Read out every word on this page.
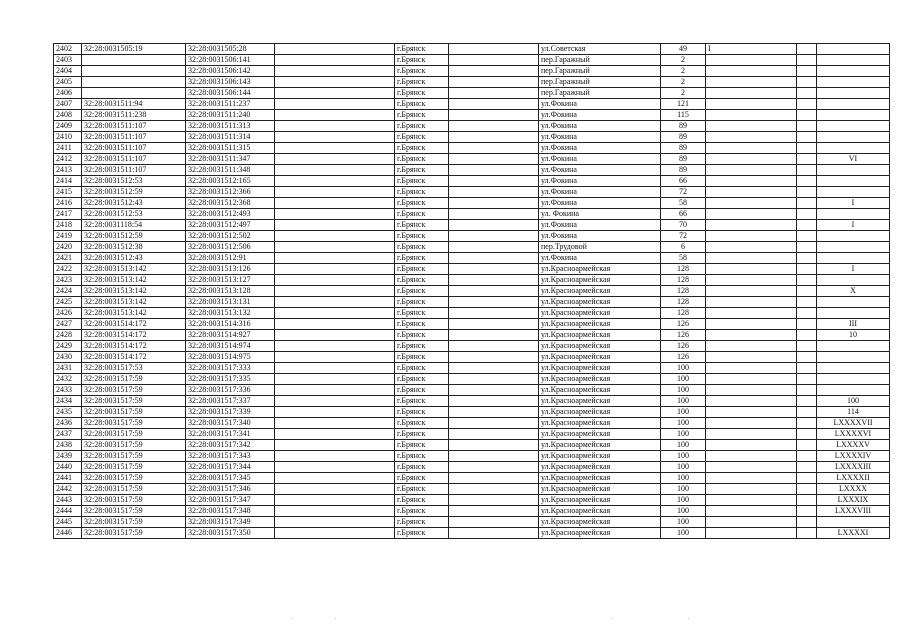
2402	32:28:0031505:19	32:28:0031505:28		г.Брянск		ул.Советская	49	I		
2403		32:28:0031506:141		г.Брянск		пер.Гаражный	2			
2404		32:28:0031506:142		г.Брянск		пер.Гаражный	2			
2405		32:28:0031506:143		г.Брянск		пер.Гаражный	2			
2406		32:28:0031506:144		г.Брянск		пер.Гаражный	2			
2407	32:28:0031511:94	32:28:0031511:237		г.Брянск		ул.Фокина	121			
2408	32:28:0031511:238	32:28:0031511:240		г.Брянск		ул.Фокина	115			
2409	32:28:0031511:107	32:28:0031511:313		г.Брянск		ул.Фокина	89			
2410	32:28:0031511:107	32:28:0031511:314		г.Брянск		ул.Фокина	89			
2411	32:28:0031511:107	32:28:0031511:315		г.Брянск		ул.Фокина	89			
2412	32:28:0031511:107	32:28:0031511:347		г.Брянск		ул.Фокина	89			VI
2413	32:28:0031511:107	32:28:0031511:348		г.Брянск		ул.Фокина	89			
2414	32:28:0031512:53	32:28:0031512:165		г.Брянск		ул.Фокина	66			
2415	32:28:0031512:59	32:28:0031512:366		г.Брянск		ул.Фокина	72			
2416	32:28:0031512:43	32:28:0031512:368		г.Брянск		ул.Фокина	58			I
2417	32:28:0031512:53	32:28:0031512:493		г.Брянск		ул. Фокина	66			
2418	32:28:0031118:54	32:28:0031512:497		г.Брянск		ул.Фокина	70			I
2419	32:28:0031512:59	32:28:0031512:502		г.Брянск		ул.Фокина	72			
2420	32:28:0031512:38	32:28:0031512:506		г.Брянск		пер.Трудовой	6			
2421	32:28:0031512:43	32:28:0031512:91		г.Брянск		ул.Фокина	58			
2422	32:28:0031513:142	32:28:0031513:126		г.Брянск		ул.Красноармейская	128			I
2423	32:28:0031513:142	32:28:0031513:127		г.Брянск		ул.Красноармейская	128			
2424	32:28:0031513:142	32:28:0031513:128		г.Брянск		ул.Красноармейская	128			X
2425	32:28:0031513:142	32:28:0031513:131		г.Брянск		ул.Красноармейская	128			
2426	32:28:0031513:142	32:28:0031513:132		г.Брянск		ул.Красноармейская	128			
2427	32:28:0031514:172	32:28:0031514:316		г.Брянск		ул.Красноармейская	126			III
2428	32:28:0031514:172	32:28:0031514:927		г.Брянск		ул.Красноармейская	126			10
2429	32:28:0031514:172	32:28:0031514:974		г.Брянск		ул.Красноармейская	126			
2430	32:28:0031514:172	32:28:0031514:975		г.Брянск		ул.Красноармейская	126			
2431	32:28:0031517:53	32:28:0031517:333		г.Брянск		ул.Красноармейская	100			
2432	32:28:0031517:59	32:28:0031517:335		г.Брянск		ул.Красноармейская	100			
2433	32:28:0031517:59	32:28:0031517:336		г.Брянск		ул.Красноармейская	100			
2434	32:28:0031517:59	32:28:0031517:337		г.Брянск		ул.Красноармейская	100			100
2435	32:28:0031517:59	32:28:0031517:339		г.Брянск		ул.Красноармейская	100			114
2436	32:28:0031517:59	32:28:0031517:340		г.Брянск		ул.Красноармейская	100			LXXXXVII
2437	32:28:0031517:59	32:28:0031517:341		г.Брянск		ул.Красноармейская	100			LXXXXVI
2438	32:28:0031517:59	32:28:0031517:342		г.Брянск		ул.Красноармейская	100			LXXXXV
2439	32:28:0031517:59	32:28:0031517:343		г.Брянск		ул.Красноармейская	100			LXXXXIV
2440	32:28:0031517:59	32:28:0031517:344		г.Брянск		ул.Красноармейская	100			LXXXXIII
2441	32:28:0031517:59	32:28:0031517:345		г.Брянск		ул.Красноармейская	100			LXXXXII
2442	32:28:0031517:59	32:28:0031517:346		г.Брянск		ул.Красноармейская	100			LXXXX
2443	32:28:0031517:59	32:28:0031517:347		г.Брянск		ул.Красноармейская	100			LXXXIX
2444	32:28:0031517:59	32:28:0031517:348		г.Брянск		ул.Красноармейская	100			LXXXVIII
2445	32:28:0031517:59	32:28:0031517:349		г.Брянск		ул.Красноармейская	100			
2446	32:28:0031517:59	32:28:0031517:350		г.Брянск		ул.Красноармейская	100			LXXXXI
